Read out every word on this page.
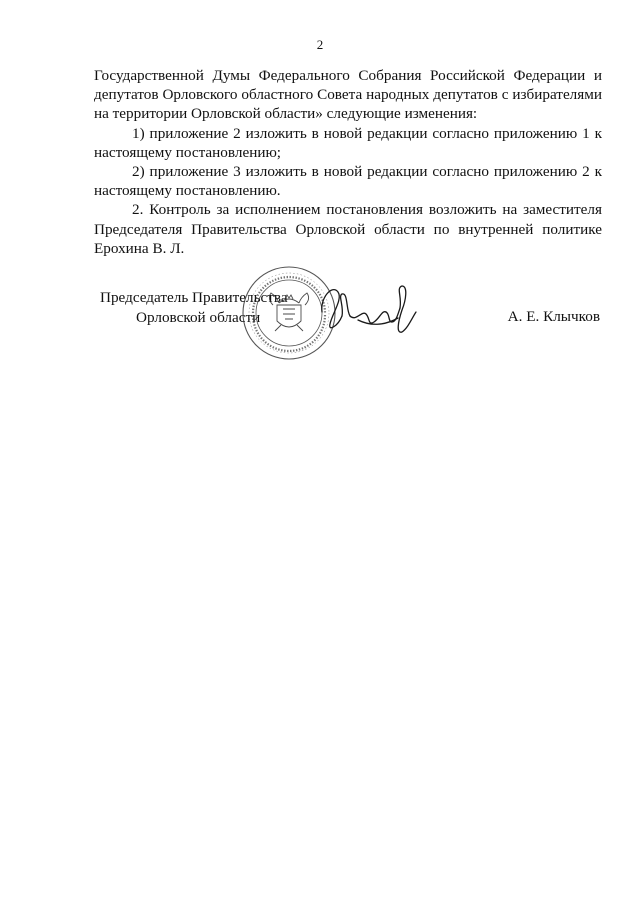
2

Государственной Думы Федерального Собрания Российской Федерации и депутатов Орловского областного Совета народных депутатов с избирателями на территории Орловской области» следующие изменения:

1) приложение 2 изложить в новой редакции согласно приложению 1 к настоящему постановлению;

2) приложение 3 изложить в новой редакции согласно приложению 2 к настоящему постановлению.

2. Контроль за исполнением постановления возложить на заместителя Председателя Правительства Орловской области по внутренней политике Ерохина В. Л.

Председатель Правительства
Орловской области	А. Е. Клычков
